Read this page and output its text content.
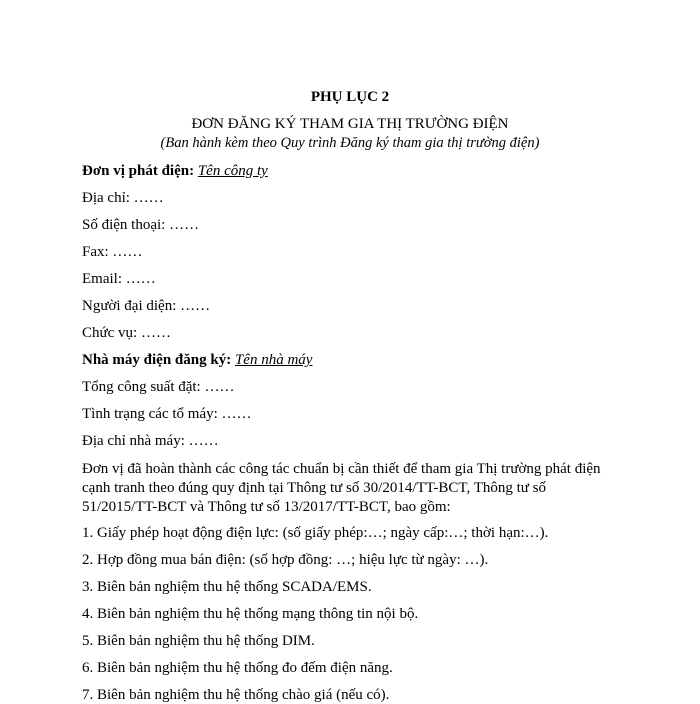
PHỤ LỤC 2
ĐƠN ĐĂNG KÝ THAM GIA THỊ TRƯỜNG ĐIỆN
(Ban hành kèm theo Quy trình Đăng ký tham gia thị trường điện)
Đơn vị phát điện: Tên công ty
Địa chỉ: ……
Số điện thoại: ……
Fax: ……
Email: ……
Người đại diện: ……
Chức vụ: ……
Nhà máy điện đăng ký: Tên nhà máy
Tổng công suất đặt: ……
Tình trạng các tổ máy: ……
Địa chỉ nhà máy: ……
Đơn vị đã hoàn thành các công tác chuẩn bị cần thiết để tham gia Thị trường phát điện cạnh tranh theo đúng quy định tại Thông tư số 30/2014/TT-BCT, Thông tư số 51/2015/TT-BCT và Thông tư số 13/2017/TT-BCT, bao gồm:
1. Giấy phép hoạt động điện lực: (số giấy phép:…; ngày cấp:…; thời hạn:…).
2. Hợp đồng mua bán điện: (số hợp đồng: …; hiệu lực từ ngày: …).
3. Biên bản nghiệm thu hệ thống SCADA/EMS.
4. Biên bản nghiệm thu hệ thống mạng thông tin nội bộ.
5. Biên bản nghiệm thu hệ thống DIM.
6. Biên bản nghiệm thu hệ thống đo đếm điện năng.
7. Biên bản nghiệm thu hệ thống chào giá (nếu có).
